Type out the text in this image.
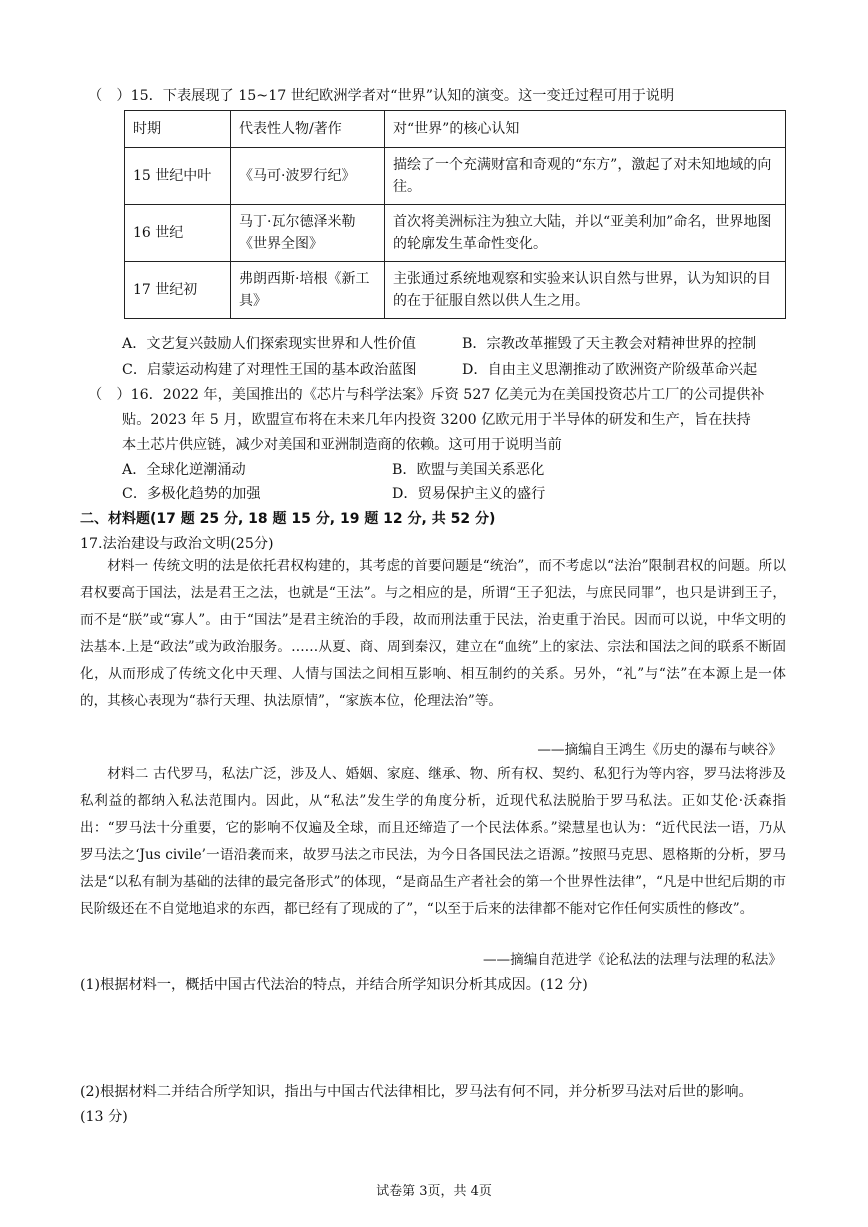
（　）15．下表展现了 15~17 世纪欧洲学者对“世界”认知的演变。这一变迁过程可用于说明
时期	代表性人物/著作	对“世界”的核心认知
15 世纪中叶	《马可·波罗行纪》	描绘了一个充满财富和奇观的“东方”，激起了对未知地域的向往。
16 世纪	马丁·瓦尔德泽米勒《世界全图》	首次将美洲标注为独立大陆，并以“亚美利加”命名，世界地图的轮廓发生革命性变化。
17 世纪初	弗朗西斯·培根《新工具》	主张通过系统地观察和实验来认识自然与世界，认为知识的目的在于征服自然以供人生之用。
A．文艺复兴鼓励人们探索现实世界和人性价值	B．宗教改革摧毁了天主教会对精神世界的控制
C．启蒙运动构建了对理性王国的基本政治蓝图	D．自由主义思潮推动了欧洲资产阶级革命兴起
（　）16．2022 年，美国推出的《芯片与科学法案》斥资 527 亿美元为在美国投资芯片工厂的公司提供补
贴。2023 年 5 月，欧盟宣布将在未来几年内投资 3200 亿欧元用于半导体的研发和生产，旨在扶持
本土芯片供应链，减少对美国和亚洲制造商的依赖。这可用于说明当前
A．全球化逆潮涌动	B．欧盟与美国关系恶化
C．多极化趋势的加强	D．贸易保护主义的盛行
二、材料题(17 题 25 分, 18 题 15 分, 19 题 12 分, 共 52 分)
17.法治建设与政治文明(25分)
材料一 传统文明的法是依托君权构建的，其考虑的首要问题是“统治”，而不考虑以“法治”限制君权的问题。所以君权要高于国法，法是君王之法，也就是“王法”。与之相应的是，所谓“王子犯法，与庶民同罪”，也只是讲到王子，而不是“朕”或“寡人”。由于“国法”是君主统治的手段，故而刑法重于民法，治吏重于治民。因而可以说，中华文明的法基本.上是“政法”或为政治服务。……从夏、商、周到秦汉，建立在“血统”上的家法、宗法和国法之间的联系不断固化，从而形成了传统文化中天理、人情与国法之间相互影响、相互制约的关系。另外，“礼”与“法”在本源上是一体的，其核心表现为“恭行天理、执法原情”，“家族本位，伦理法治”等。
——摘编自王鸿生《历史的瀑布与峡谷》
材料二 古代罗马，私法广泛，涉及人、婚姻、家庭、继承、物、所有权、契约、私犯行为等内容，罗马法将涉及私利益的都纳入私法范围内。因此，从“私法”发生学的角度分析，近现代私法脱胎于罗马私法。正如艾伦·沃森指出：“罗马法十分重要，它的影响不仅遍及全球，而且还缔造了一个民法体系。”梁慧星也认为：“近代民法一语，乃从罗马法之‘Jus civile’一语沿袭而来，故罗马法之市民法，为今日各国民法之语源。”按照马克思、恩格斯的分析，罗马法是“以私有制为基础的法律的最完备形式”的体现，“是商品生产者社会的第一个世界性法律”，“凡是中世纪后期的市民阶级还在不自觉地追求的东西，都已经有了现成的了”，“以至于后来的法律都不能对它作任何实质性的修改”。
——摘编自范进学《论私法的法理与法理的私法》
(1)根据材料一，概括中国古代法治的特点，并结合所学知识分析其成因。(12 分)
(2)根据材料二并结合所学知识，指出与中国古代法律相比，罗马法有何不同，并分析罗马法对后世的影响。
(13 分)
试卷第 3页，共 4页
